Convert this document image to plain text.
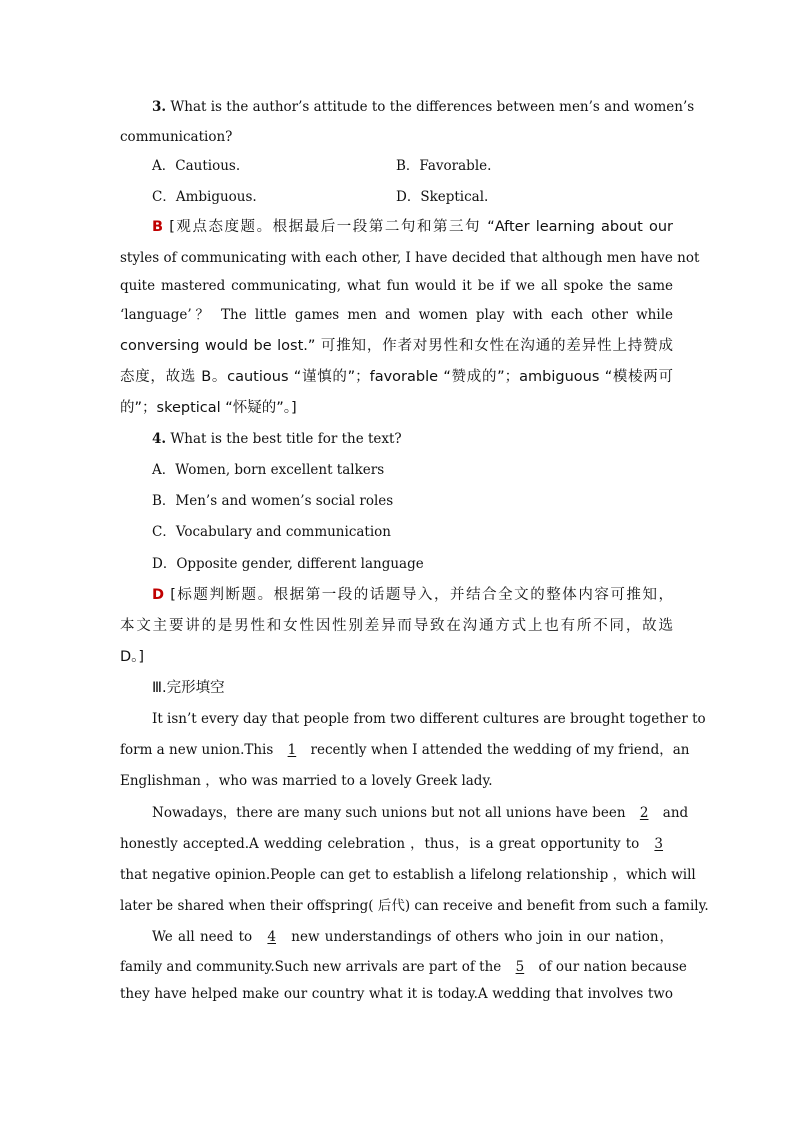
3. What is the author’s attitude to the differences between men’s and women’s
communication?
A．Cautious.	B．Favorable.
C．Ambiguous.	D．Skeptical.
B [观点态度题。根据最后一段第二句和第三句 “After learning about our
styles of communicating with each other, I have decided that although men have not
quite mastered communicating, what fun would it be if we all spoke the same
‘language’？ The little games men and women play with each other while
conversing would be lost.” 可推知，作者对男性和女性在沟通的差异性上持赞成
态度，故选 B。cautious “谨慎的”；favorable “赞成的”；ambiguous “模棱两可
的”；skeptical “怀疑的”。]
4. What is the best title for the text?
A．Women, born excellent talkers
B．Men’s and women’s social roles
C．Vocabulary and communication
D．Opposite gender, different language
D [标题判断题。根据第一段的话题导入，并结合全文的整体内容可推知，
本文主要讲的是男性和女性因性别差异而导致在沟通方式上也有所不同，故选
D。]
Ⅲ.完形填空
It isn’t every day that people from two different cultures are brought together to
form a new union.This 1 recently when I attended the wedding of my friend，an
Englishman ，who was married to a lovely Greek lady.
Nowadays，there are many such unions but not all unions have been 2 and
honestly accepted.A wedding celebration ，thus，is a great opportunity to 3
that negative opinion.People can get to establish a lifelong relationship ，which will
later be shared when their offspring( 后代) can receive and benefit from such a family.
We all need to 4 new understandings of others who join in our nation，
family and community.Such new arrivals are part of the 5 of our nation because
they have helped make our country what it is today.A wedding that involves two
